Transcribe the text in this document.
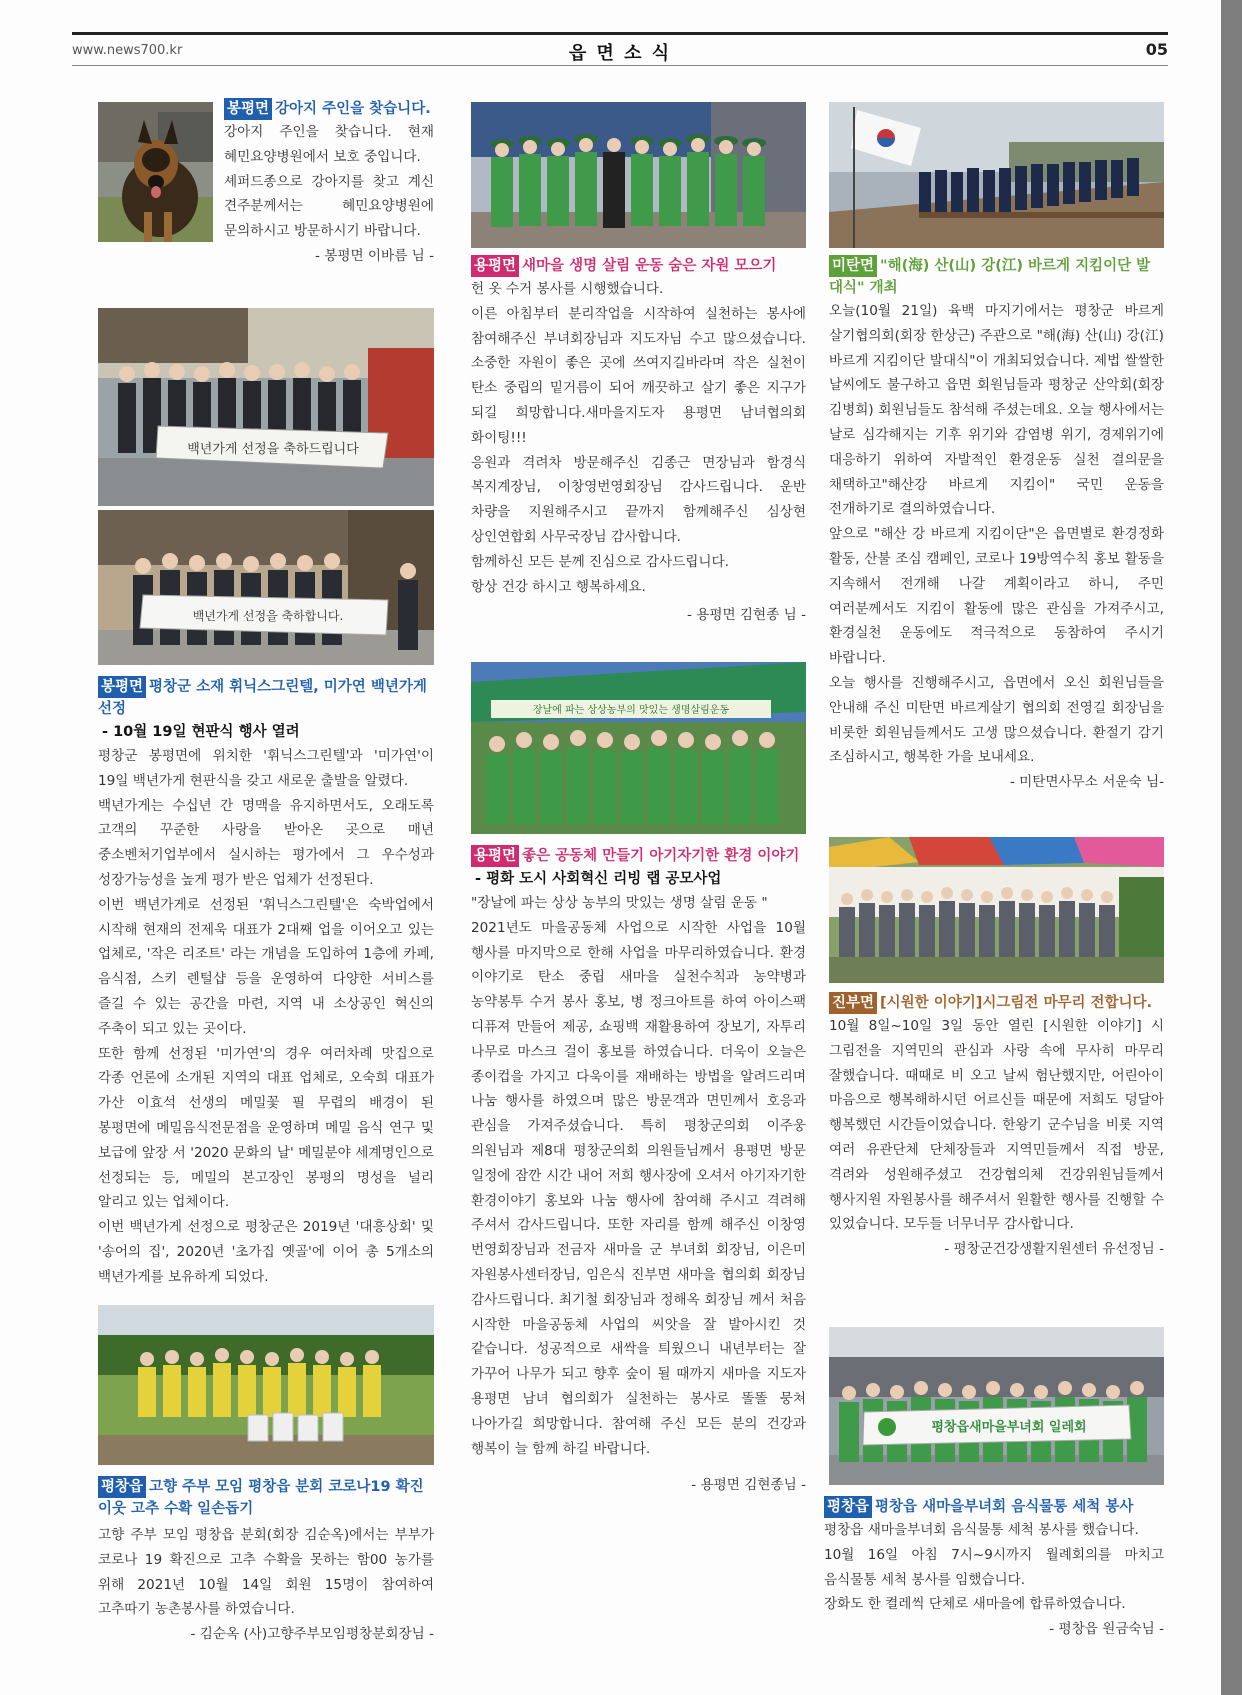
www.news700.kr	읍 면 소 식	05
봉평면 강아지 주인을 찾습니다.

강아지 주인을 찾습니다. 현재 혜민요양병원에서 보호 중입니다.

셰퍼드종으로 강아지를 찾고 계신 견주분께서는 혜민요양병원에 문의하시고 방문하시기 바랍니다.

- 봉평면 이바름 님 -
백년가게 선정을 축하드립니다
백년가게 선정을 축하합니다.
봉평면 평창군 소재 휘닉스그린텔, 미가연 백년가게 선정
- 10월 19일 현판식 행사 열려

평창군 봉평면에 위치한 '휘닉스그린텔'과 '미가연'이 19일 백년가게 현판식을 갖고 새로운 출발을 알렸다.

백년가게는 수십년 간 명맥을 유지하면서도, 오래도록 고객의 꾸준한 사랑을 받아온 곳으로 매년 중소벤처기업부에서 실시하는 평가에서 그 우수성과 성장가능성을 높게 평가 받은 업체가 선정된다.

이번 백년가게로 선정된 '휘닉스그린텔'은 숙박업에서 시작해 현재의 전제욱 대표가 2대째 업을 이어오고 있는 업체로, '작은 리조트' 라는 개념을 도입하여 1층에 카페, 음식점, 스키 렌털샵 등을 운영하여 다양한 서비스를 즐길 수 있는 공간을 마련, 지역 내 소상공인 혁신의 주축이 되고 있는 곳이다.

또한 함께 선정된 '미가연'의 경우 여러차례 맛집으로 각종 언론에 소개된 지역의 대표 업체로, 오숙희 대표가 가산 이효석 선생의 메밀꽃 필 무렵의 배경이 된 봉평면에 메밀음식전문점을 운영하며 메밀 음식 연구 및 보급에 앞장 서 '2020 문화의 날' 메밀분야 세계명인으로 선정되는 등, 메밀의 본고장인 봉평의 명성을 널리 알리고 있는 업체이다.

이번 백년가게 선정으로 평창군은 2019년 '대흥상회' 및 '송어의 집', 2020년 '초가집 옛골'에 이어 총 5개소의 백년가게를 보유하게 되었다.

평창읍 고향 주부 모임 평창읍 분회 코로나19 확진 이웃 고추 수확 일손돕기

고향 주부 모임 평창읍 분회(회장 김순옥)에서는 부부가 코로나 19 확진으로 고추 수확을 못하는 함00 농가를 위해 2021년 10월 14일 회원 15명이 참여하여 고추따기 농촌봉사를 하였습니다.

- 김순옥 (사)고향주부모임평창분회장님 -
용평면 새마을 생명 살림 운동 숨은 자원 모으기

헌 옷 수거 봉사를 시행했습니다.

이른 아침부터 분리작업을 시작하여 실천하는 봉사에 참여해주신 부녀회장님과 지도자님 수고 많으셨습니다. 소중한 자원이 좋은 곳에 쓰여지길바라며 작은 실천이 탄소 중립의 밑거름이 되어 깨끗하고 살기 좋은 지구가 되길 희망합니다.새마을지도자 용평면 남녀협의회 화이팅!!!

응원과 격려차 방문해주신 김종근 면장님과 함경식 복지계장님, 이창영번영회장님 감사드립니다. 운반 차량을 지원해주시고 끝까지 함께해주신 심상현 상인연합회 사무국장님 감사합니다.

함께하신 모든 분께 진심으로 감사드립니다.

항상 건강 하시고 행복하세요.

- 용평면 김현종 님 -
장날에 파는 상상농부의 맛있는 생명살림운동
용평면 좋은 공동체 만들기 아기자기한 환경 이야기
- 평화 도시 사회혁신 리빙 랩 공모사업

"장날에 파는 상상 농부의 맛있는 생명 살림 운동 "

2021년도 마을공동체 사업으로 시작한 사업을 10월 행사를 마지막으로 한해 사업을 마무리하였습니다. 환경 이야기로 탄소 중립 새마을 실천수칙과 농약병과 농약봉투 수거 봉사 홍보, 병 정크아트를 하여 아이스팩 디퓨져 만들어 제공, 쇼핑백 재활용하여 장보기, 자투리 나무로 마스크 걸이 홍보를 하였습니다. 더욱이 오늘은 종이컵을 가지고 다욱이를 재배하는 방법을 알려드리며 나눔 행사를 하였으며 많은 방문객과 면민께서 호응과 관심을 가져주셨습니다. 특히 평창군의회 이주웅 의원님과 제8대 평창군의회 의원들님께서 용평면 방문 일정에 잠깐 시간 내어 저희 행사장에 오셔서 아기자기한 환경이야기 홍보와 나눔 행사에 참여해 주시고 격려해 주셔서 감사드립니다. 또한 자리를 함께 해주신 이창영 번영회장님과 전금자 새마을 군 부녀회 회장님, 이은미 자원봉사센터장님, 임은식 진부면 새마을 협의회 회장님 감사드립니다. 최기철 회장님과 정해옥 회장님 께서 처음 시작한 마을공동체 사업의 씨앗을 잘 발아시킨 것 같습니다. 성공적으로 새싹을 틔웠으니 내년부터는 잘 가꾸어 나무가 되고 향후 숲이 될 때까지 새마을 지도자 용평면 남녀 협의회가 실천하는 봉사로 똘똘 뭉쳐 나아가길 희망합니다. 참여해 주신 모든 분의 건강과 행복이 늘 함께 하길 바랍니다.

- 용평면 김현종님 -
미탄면 "해(海) 산(山) 강(江) 바르게 지킴이단 발대식" 개최

오늘(10월 21일) 육백 마지기에서는 평창군 바르게 살기협의회(회장 한상근) 주관으로 "해(海) 산(山) 강(江) 바르게 지킴이단 발대식"이 개최되었습니다. 제법 쌀쌀한 날씨에도 불구하고 읍면 회원님들과 평창군 산악회(회장 김병희) 회원님들도 참석해 주셨는데요. 오늘 행사에서는 날로 심각해지는 기후 위기와 감염병 위기, 경제위기에 대응하기 위하여 자발적인 환경운동 실천 결의문을 채택하고"해산강 바르게 지킴이" 국민 운동을 전개하기로 결의하였습니다.

앞으로 "해산 강 바르게 지킴이단"은 읍면별로 환경정화 활동, 산불 조심 캠페인, 코로나 19방역수칙 홍보 활동을 지속해서 전개해 나갈 계획이라고 하니, 주민 여러분께서도 지킴이 활동에 많은 관심을 가져주시고, 환경실천 운동에도 적극적으로 동참하여 주시기 바랍니다.

오늘 행사를 진행해주시고, 읍면에서 오신 회원님들을 안내해 주신 미탄면 바르게살기 협의회 전영길 회장님을 비롯한 회원님들께서도 고생 많으셨습니다. 환절기 감기 조심하시고, 행복한 가을 보내세요.

- 미탄면사무소 서운숙 님-
진부면 [시원한 이야기]시그림전 마무리 전합니다.

10월 8일~10일 3일 동안 열린 [시원한 이야기] 시 그림전을 지역민의 관심과 사랑 속에 무사히 마무리 잘했습니다. 때때로 비 오고 날씨 험난했지만, 어린아이 마음으로 행복해하시던 어르신들 때문에 저희도 덩달아 행복했던 시간들이었습니다. 한왕기 군수님을 비롯 지역 여러 유관단체 단체장들과 지역민들께서 직접 방문, 격려와 성원해주셨고 건강협의체 건강위원님들께서 행사지원 자원봉사를 해주셔서 원활한 행사를 진행할 수 있었습니다. 모두들 너무너무 감사합니다.

- 평창군건강생활지원센터 유선정님 -
평창읍새마을부녀회 일레회
평창읍 평창읍 새마을부녀회 음식물통 세척 봉사

평창읍 새마을부녀회 음식물통 세척 봉사를 했습니다.

10월 16일 아침 7시~9시까지 월례회의를 마치고 음식물통 세척 봉사를 임했습니다.

장화도 한 켤레씩 단체로 새마을에 합류하였습니다.

- 평창읍 원금숙님 -
